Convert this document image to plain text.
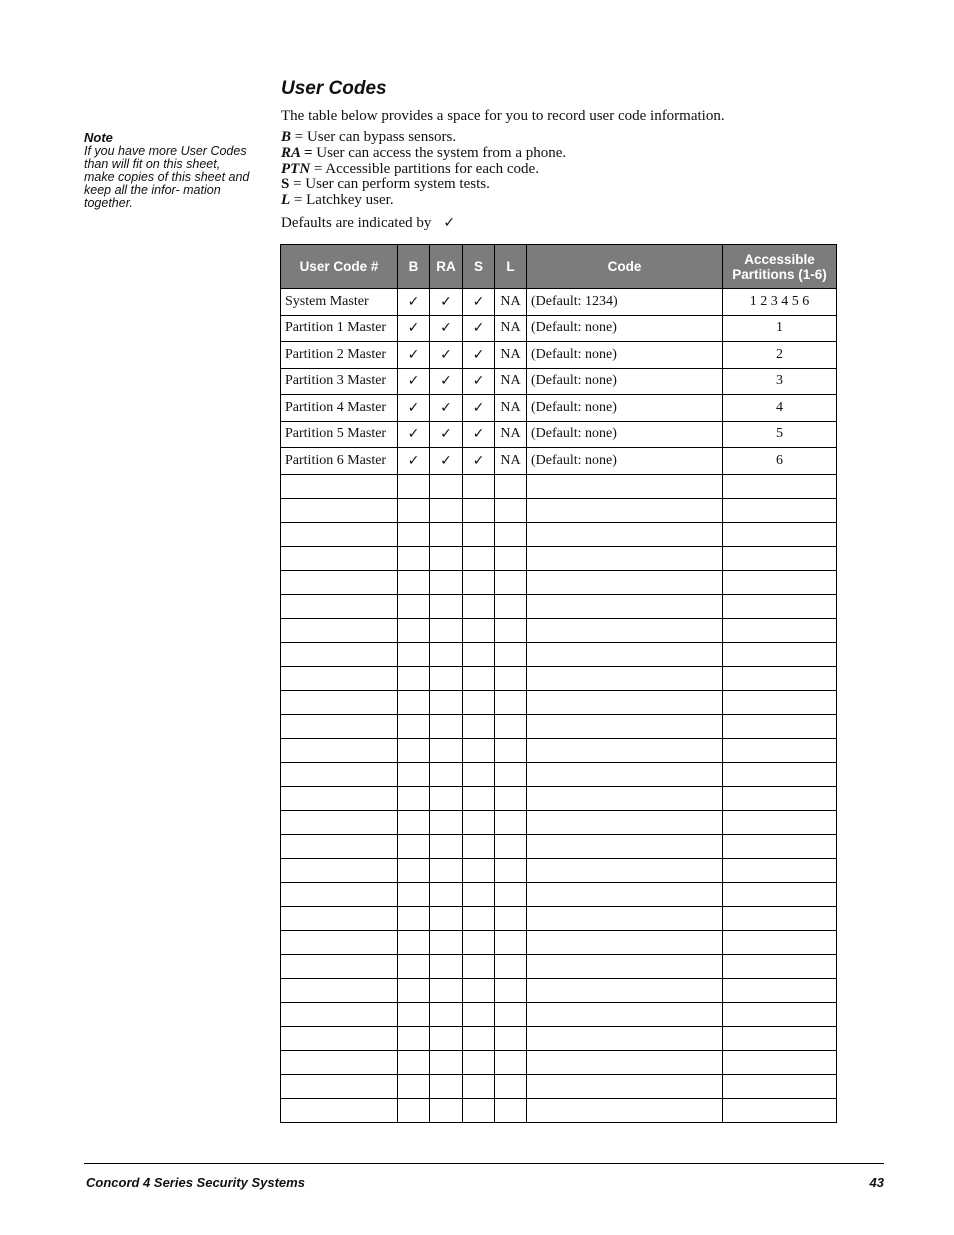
User Codes
The table below provides a space for you to record user code information.
Note
If you have more User Codes than will fit on this sheet, make copies of this sheet and keep all the infor- mation together.
B = User can bypass sensors.
RA = User can access the system from a phone.
PTN = Accessible partitions for each code.
S = User can perform system tests.
L = Latchkey user.
Defaults are indicated by ✓
User Code #	B	RA	S	L	Code	Accessible Partitions (1-6)
System Master	✓	✓	✓	NA	(Default: 1234)	1 2 3 4 5 6
Partition 1 Master	✓	✓	✓	NA	(Default: none)	1
Partition 2 Master	✓	✓	✓	NA	(Default: none)	2
Partition 3 Master	✓	✓	✓	NA	(Default: none)	3
Partition 4 Master	✓	✓	✓	NA	(Default: none)	4
Partition 5 Master	✓	✓	✓	NA	(Default: none)	5
Partition 6 Master	✓	✓	✓	NA	(Default: none)	6

Concord 4 Series Security Systems	43
